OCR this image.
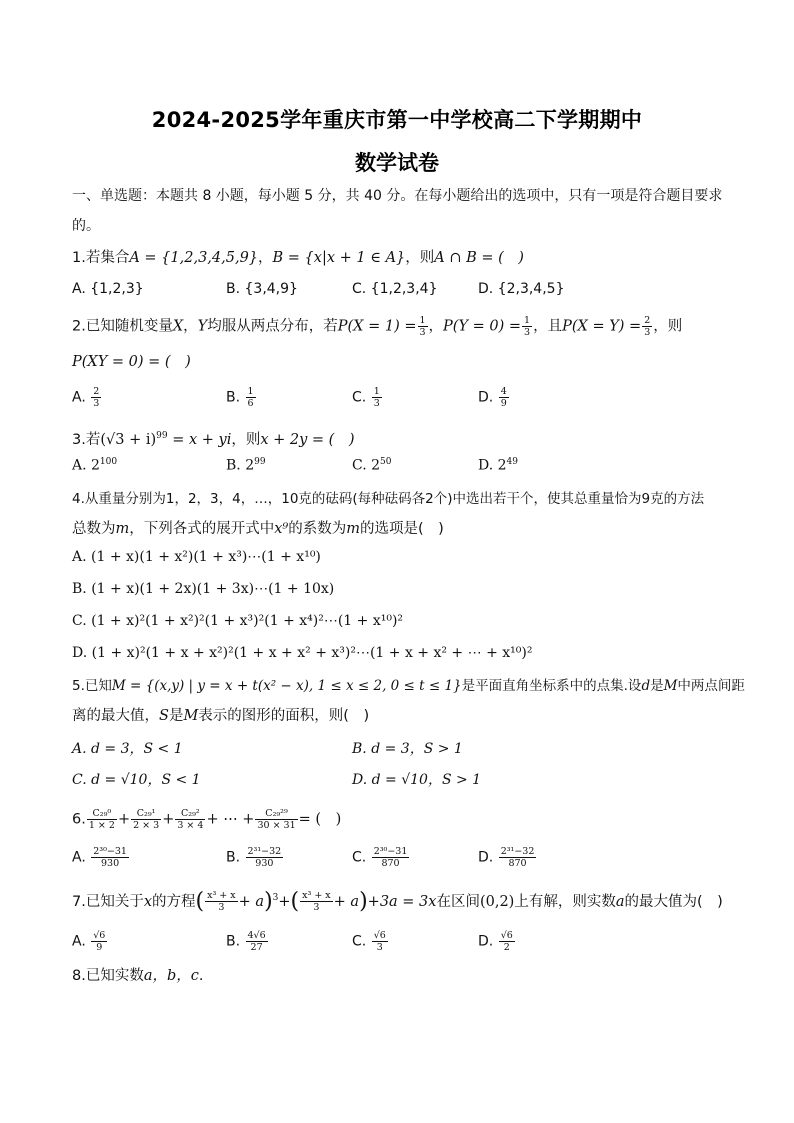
2024-2025学年重庆市第一中学校高二下学期期中
数学试卷
一、单选题：本题共 8 小题，每小题 5 分，共 40 分。在每小题给出的选项中，只有一项是符合题目要求
的。
1.若集合A = {1,2,3,4,5,9}，B = {x|x + 1 ∈ A}，则A ∩ B = (　)
A. {1,2,3}	B. {3,4,9}	C. {1,2,3,4}	D. {2,3,4,5}
2.已知随机变量X，Y均服从两点分布，若$P(X = 1) = \frac{1}{3}$ ，$P(Y = 0) = \frac{1}{3}$ ，且$P(X = Y) = \frac{2}{3}$ ，则
P(XY = 0) = (　)
A. $\frac{2}{3}$	B. $\frac{1}{6}$	C. $\frac{1}{3}$	D. $\frac{4}{9}$
3.若$(√3 + i)^{99} = x$ + yi，则x + 2y = (　)
A. $2^{100}$	B. $2^{99}$	C. $2^{50}$	D. $2^{49}$
4.从重量分别为1，2，3，4，…，10克的砝码(每种砝码各2个)中选出若干个，使其总重量恰为9克的方法
总数为m，下列各式的展开式中x⁹的系数为m的选项是(　)
A. (1 + x)(1 + x²)(1 + x³)⋯(1 + x¹⁰)
B. (1 + x)(1 + 2x)(1 + 3x)⋯(1 + 10x)
C. (1 + x)²(1 + x²)²(1 + x³)²(1 + x⁴)²⋯(1 + x¹⁰)²
D. (1 + x)²(1 + x + x²)²(1 + x + x² + x³)²⋯(1 + x + x² + ⋯ + x¹⁰)²
5.已知M = {(x,y) | y = x + t(x² − x), 1 ≤ x ≤ 2, 0 ≤ t ≤ 1}是平面直角坐标系中的点集.设d是M中两点间距
离的最大值，S是M表示的图形的面积，则(　)
A. d = 3，S < 1	B. d = 3，S > 1
C. d = √10，S < 1	D. d = √10，S > 1
6. $\frac{\text{C₂₉⁰}}{1 \times 2} + \frac{\text{C₂₉¹}}{2 \times 3} + \frac{\text{C₂₉²}}{3 \times 4}$ + ⋯ + $\frac{\text{C₂₉²⁹}}{30 \times 31}$ = (　)
A. $\frac{\text{2³⁰−31}}{930}$	B. $\frac{\text{2³¹−32}}{930}$	C. $\frac{\text{2³⁰−31}}{870}$	D. $\frac{\text{2³¹−32}}{870}$
7.已知关于x的方程( $\frac{\text{x³ + x}}{3} + a)^3+( \frac{\text{x³ + x}}{3} + a)+3a = 3x$在区间(0,2)上有解，则实数a的最大值为(　)
A. $\frac{√6}{9}$	B. $\frac{4√6}{27}$	C. $\frac{√6}{3}$	D. $\frac{√6}{2}$
8.已知实数a，b，c.
